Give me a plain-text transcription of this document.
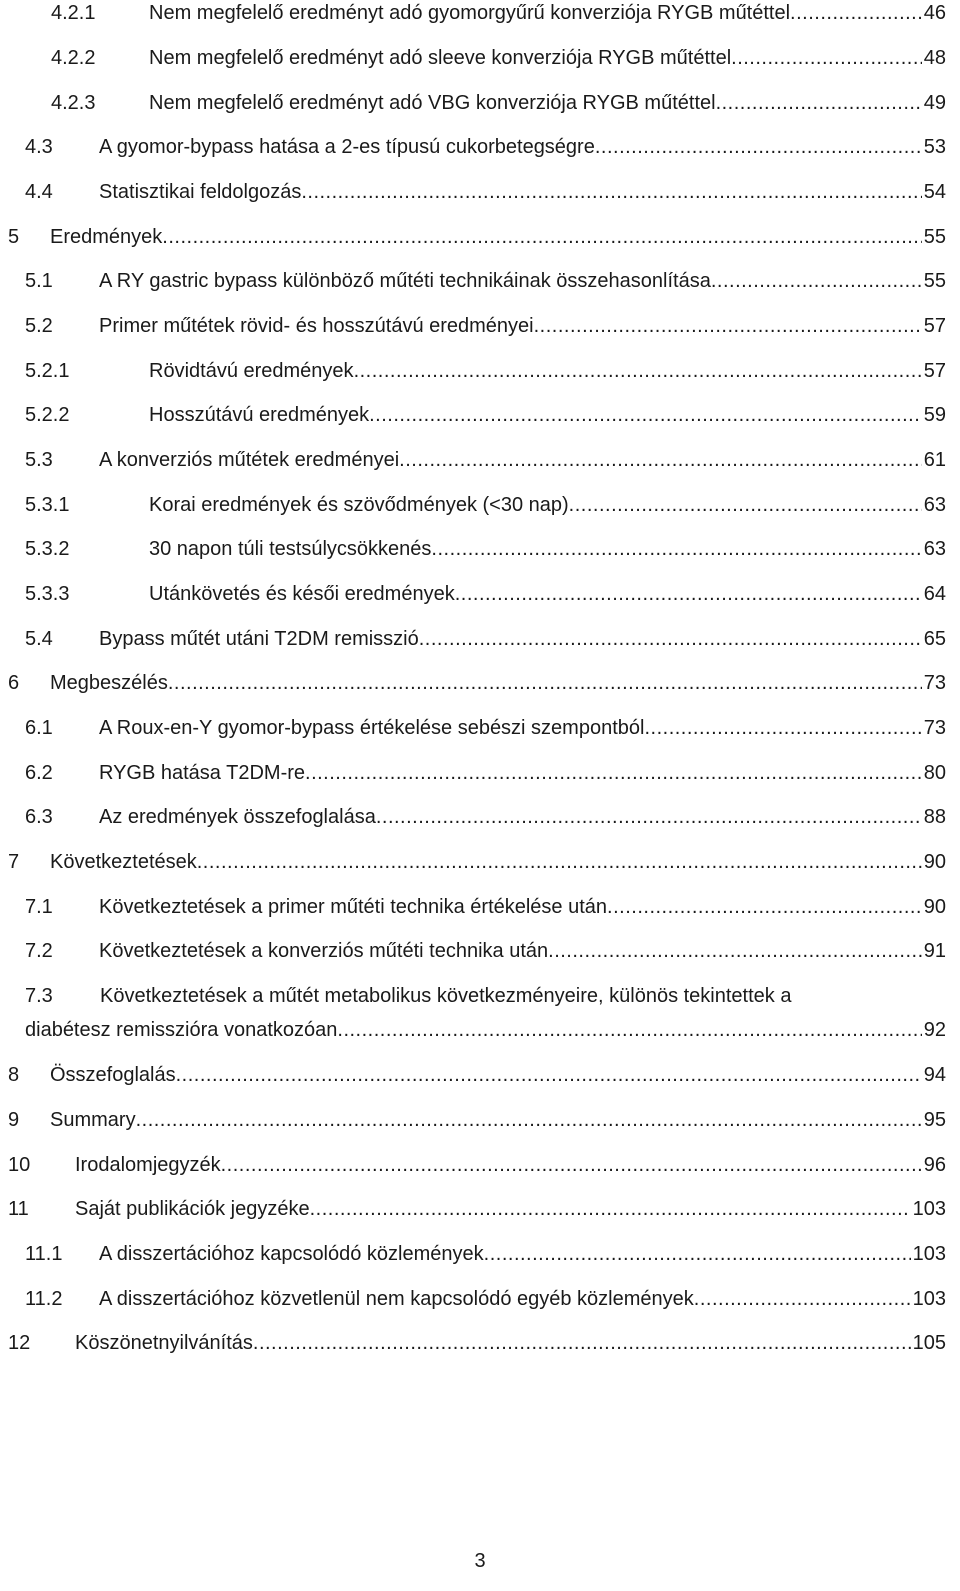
4.2.1	Nem megfelelő eredményt adó gyomorgyűrű konverziója RYGB műtéttel .....	46
4.2.2	Nem megfelelő eredményt adó sleeve konverziója RYGB műtéttel .....	48
4.2.3	Nem megfelelő eredményt adó VBG konverziója RYGB műtéttel .....	49
4.3 A gyomor-bypass hatása a 2-es típusú cukorbetegségre .....	53
4.4 Statisztikai feldolgozás .....	54
5 Eredmények .....	55
5.1 A RY gastric bypass különböző műtéti technikáinak összehasonlítása .....	55
5.2 Primer műtétek rövid- és hosszútávú eredményei .....	57
5.2.1	Rövidtávú eredmények .....	57
5.2.2	Hosszútávú eredmények .....	59
5.3 A konverziós műtétek eredményei .....	61
5.3.1	Korai eredmények és szövődmények (<30 nap) .....	63
5.3.2	30 napon túli testsúlycsökkenés .....	63
5.3.3	Utánkövetés és késői eredmények .....	64
5.4 Bypass műtét utáni T2DM remisszió .....	65
6 Megbeszélés .....	73
6.1 A Roux-en-Y gyomor-bypass értékelése sebészi szempontból .....	73
6.2 RYGB hatása T2DM-re .....	80
6.3 Az eredmények összefoglalása .....	88
7 Következtetések .....	90
7.1 Következtetések a primer műtéti technika értékelése után .....	90
7.2 Következtetések a konverziós műtéti technika után .....	91
7.3 Következtetések a műtét metabolikus következményeire, különös tekintettek a
diabétesz remisszióra vonatkozóan .....	92
8 Összefoglalás .....	94
9 Summary .....	95
10 Irodalomjegyzék .....	96
11 Saját publikációk jegyzéke .....	103
11.1 A disszertációhoz kapcsolódó közlemények .....	103
11.2 A disszertációhoz közvetlenül nem kapcsolódó egyéb közlemények .....	103
12 Köszönetnyilvánítás .....	105
3
